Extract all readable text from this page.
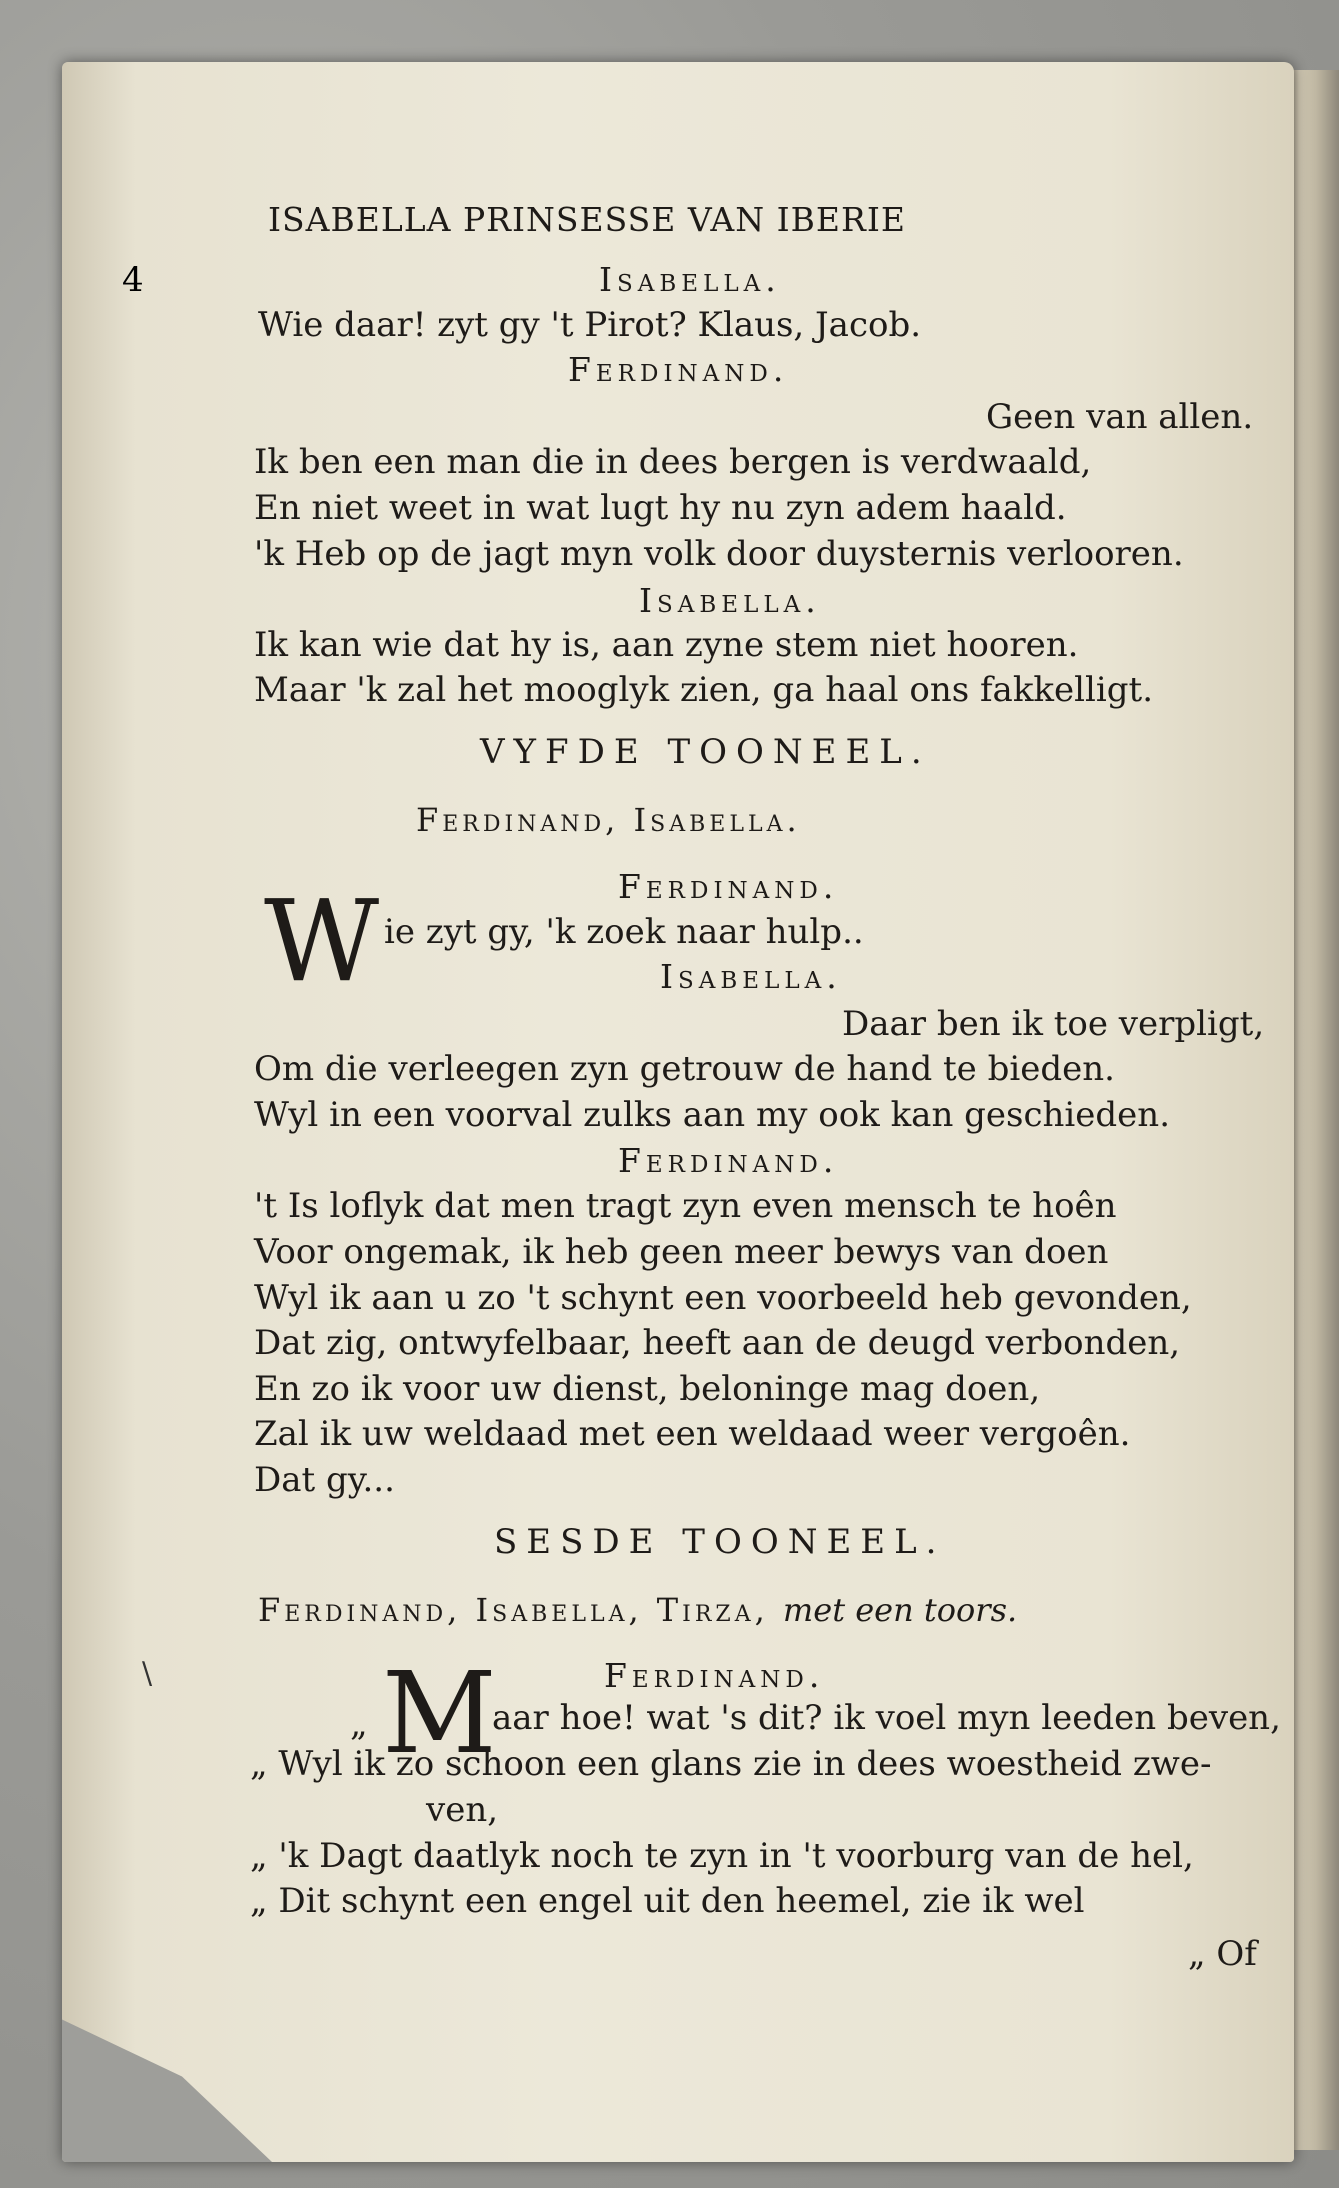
4
ISABELLA PRINSESSE VAN IBERIE
Isabella.
Wie daar! zyt gy 't Pirot? Klaus, Jacob.
Ferdinand.
Geen van allen.
Ik ben een man die in dees bergen is verdwaald,
En niet weet in wat lugt hy nu zyn adem haald.
'k Heb op de jagt myn volk door duysternis verlooren.
Isabella.
Ik kan wie dat hy is, aan zyne stem niet hooren.
Maar 'k zal het mooglyk zien, ga haal ons fakkelligt.
VYFDE TOONEEL.
Ferdinand, Isabella.
Ferdinand.
W ie zyt gy, 'k zoek naar hulp..
Isabella.
Daar ben ik toe verpligt,
Om die verleegen zyn getrouw de hand te bieden.
Wyl in een voorval zulks aan my ook kan geschieden.
Ferdinand.
't Is loflyk dat men tragt zyn even mensch te hoên
Voor ongemak, ik heb geen meer bewys van doen
Wyl ik aan u zo 't schynt een voorbeeld heb gevonden,
Dat zig, ontwyfelbaar, heeft aan de deugd verbonden,
En zo ik voor uw dienst, beloninge mag doen,
Zal ik uw weldaad met een weldaad weer vergoên.
Dat gy...
SESDE TOONEEL.
Ferdinand, Isabella, Tirza, met een toors.
Ferdinand.
M
„	aar hoe! wat 's dit? ik voel myn leeden beven,
„ Wyl ik zo schoon een glans zie in dees woestheid zwe-
ven,
„ 'k Dagt daatlyk noch te zyn in 't voorburg van de hel,
„ Dit schynt een engel uit den heemel, zie ik wel
„ Of
\
